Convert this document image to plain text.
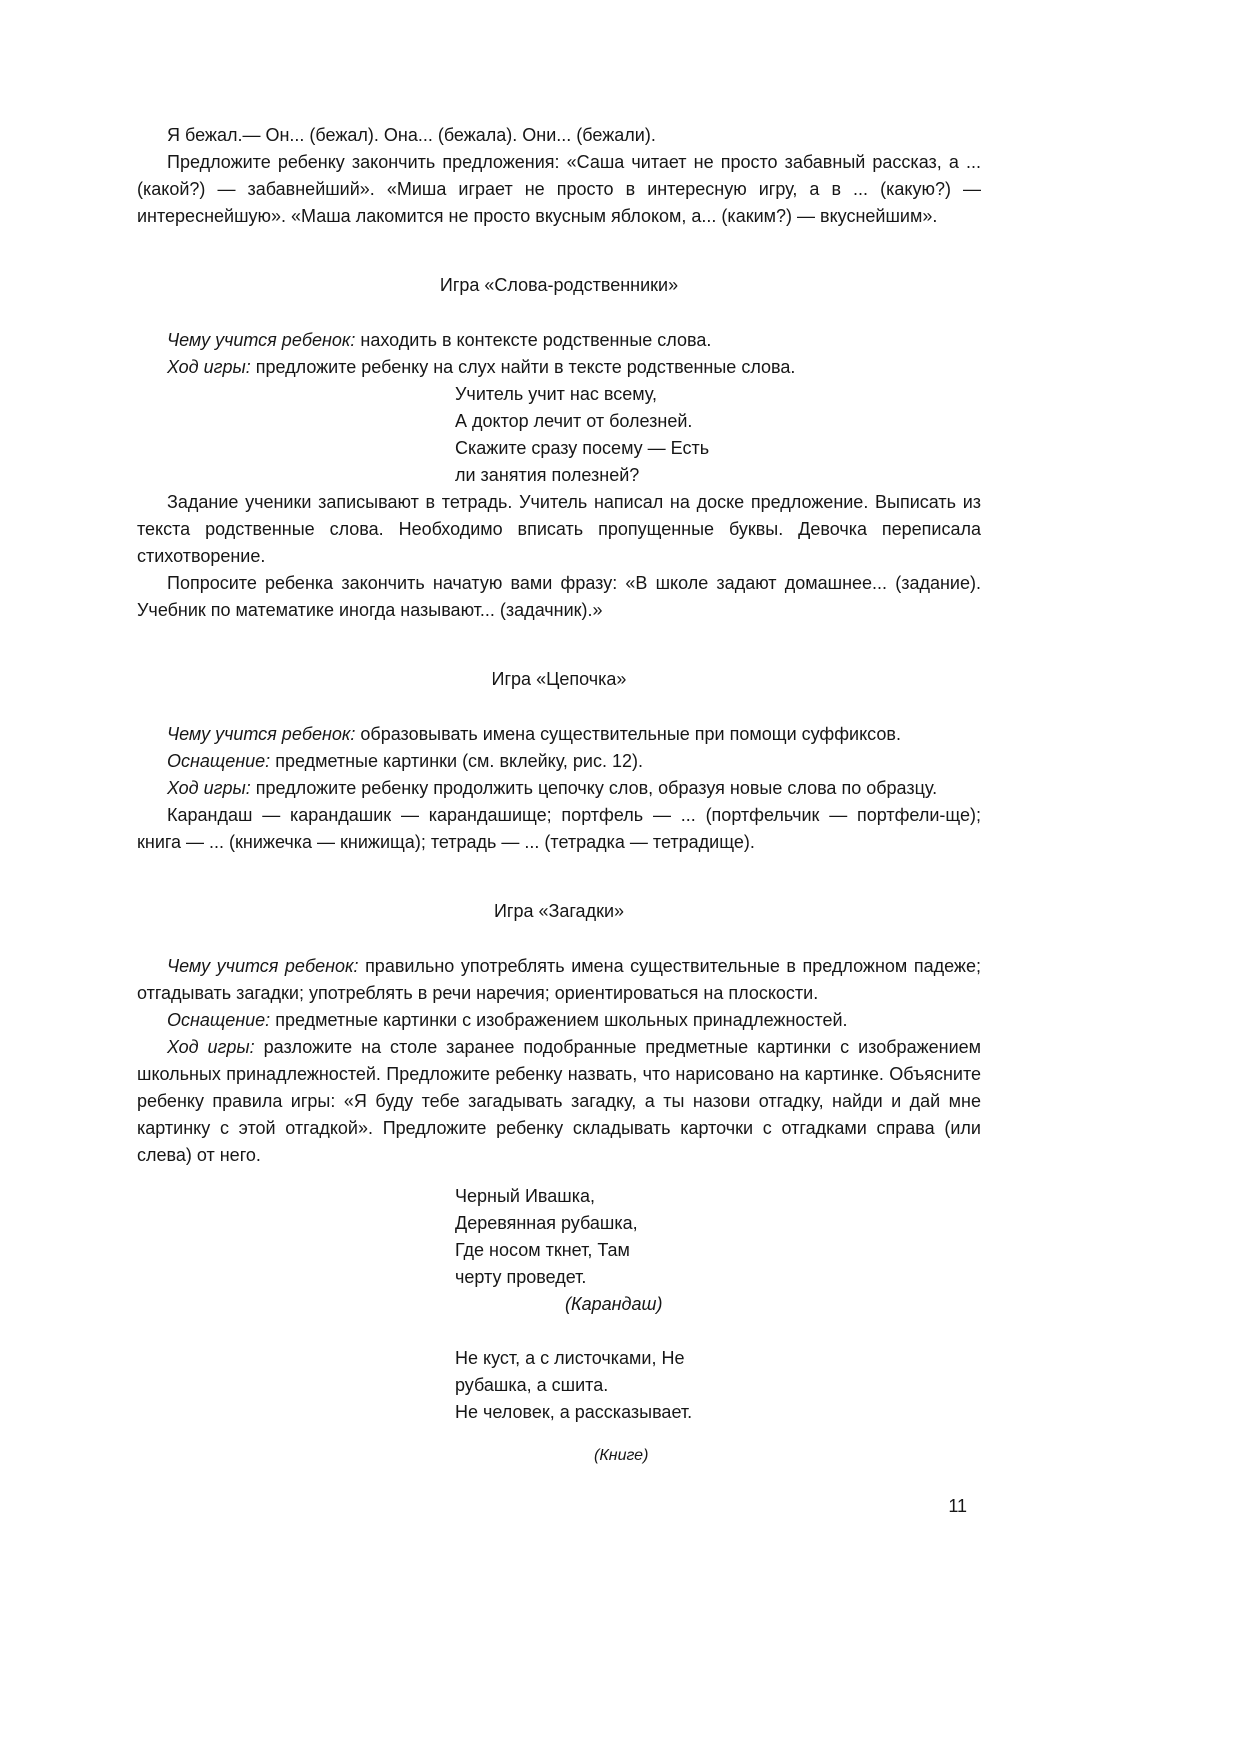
Я бежал.— Он... (бежал). Она... (бежала). Они... (бежали).

Предложите ребенку закончить предложения: «Саша читает не просто забавный рассказ, а ... (какой?) — забавнейший». «Миша играет не просто в интересную игру, а в ... (какую?) — интереснейшую». «Маша лакомится не просто вкусным яблоком, а... (каким?) — вкуснейшим».

Игра «Слова-родственники»

Чему учится ребенок: находить в контексте родственные слова.

Ход игры: предложите ребенку на слух найти в тексте родственные слова.

Учитель учит нас всему,
А доктор лечит от болезней.
Скажите сразу посему — Есть
ли занятия полезней?

Задание ученики записывают в тетрадь. Учитель написал на доске предложение. Выписать из текста родственные слова. Необходимо вписать пропущенные буквы. Девочка переписала стихотворение.

Попросите ребенка закончить начатую вами фразу: «В школе задают домашнее... (задание). Учебник по математике иногда называют... (задачник).»

Игра «Цепочка»

Чему учится ребенок: образовывать имена существительные при помощи суффиксов.

Оснащение: предметные картинки (см. вклейку, рис. 12).

Ход игры: предложите ребенку продолжить цепочку слов, образуя новые слова по образцу.

Карандаш — карандашик — карандашище; портфель — ... (портфельчик — портфели-ще); книга — ... (книжечка — книжища); тетрадь — ... (тетрадка — тетрадище).

Игра «Загадки»

Чему учится ребенок: правильно употреблять имена существительные в предложном падеже; отгадывать загадки; употреблять в речи наречия; ориентироваться на плоскости.

Оснащение: предметные картинки с изображением школьных принадлежностей.

Ход игры: разложите на столе заранее подобранные предметные картинки с изображением школьных принадлежностей. Предложите ребенку назвать, что нарисовано на картинке. Объясните ребенку правила игры: «Я буду тебе загадывать загадку, а ты назови отгадку, найди и дай мне картинку с этой отгадкой». Предложите ребенку складывать карточки с отгадками справа (или слева) от него.

Черный Ивашка,
Деревянная рубашка,
Где носом ткнет, Там
черту проведет.
(Карандаш)
Не куст, а с листочками, Не
рубашка, а сшита.
Не человек, а рассказывает.
(Книге)
11
